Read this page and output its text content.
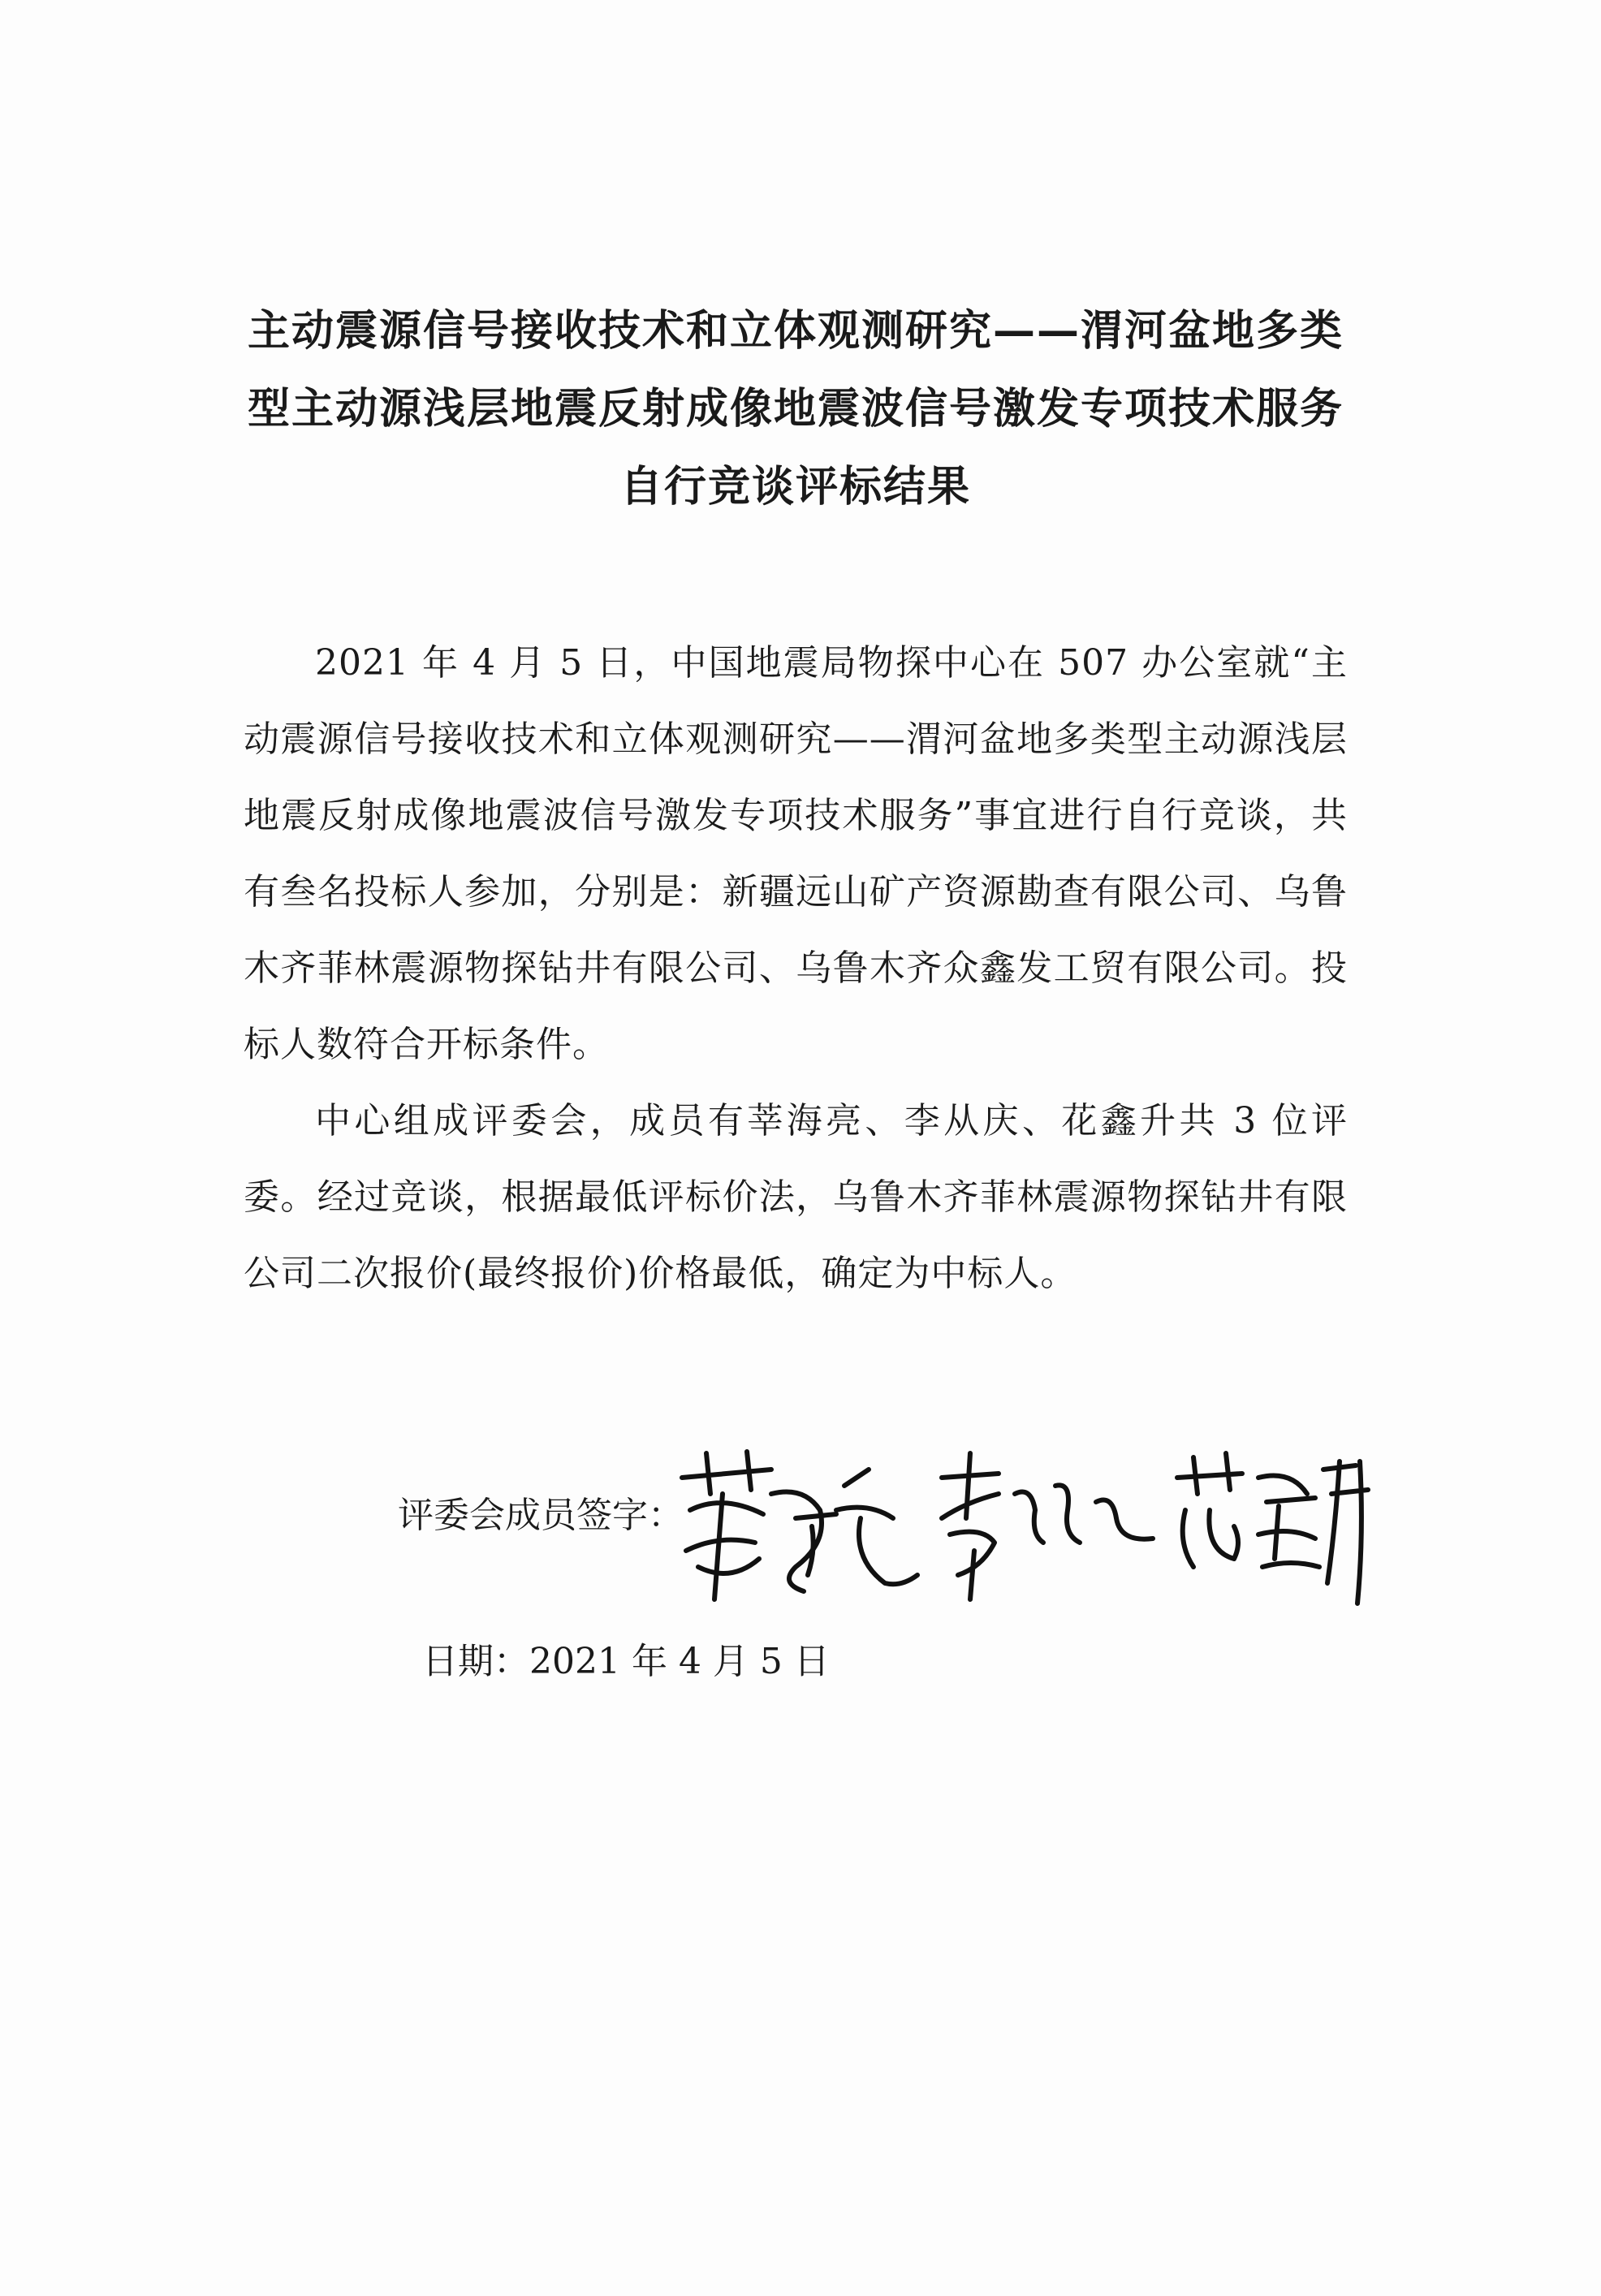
主动震源信号接收技术和立体观测研究——渭河盆地多类
型主动源浅层地震反射成像地震波信号激发专项技术服务
自行竞谈评标结果

2021 年 4 月 5 日，中国地震局物探中心在 507 办公室就“主动震源信号接收技术和立体观测研究——渭河盆地多类型主动源浅层地震反射成像地震波信号激发专项技术服务”事宜进行自行竞谈，共有叁名投标人参加，分别是：新疆远山矿产资源勘查有限公司、乌鲁木齐菲林震源物探钻井有限公司、乌鲁木齐众鑫发工贸有限公司。投标人数符合开标条件。

中心组成评委会，成员有莘海亮、李从庆、花鑫升共 3 位评委。经过竞谈，根据最低评标价法，乌鲁木齐菲林震源物探钻井有限公司二次报价(最终报价)价格最低，确定为中标人。

评委会成员签字：
日期：2021 年 4 月 5 日
